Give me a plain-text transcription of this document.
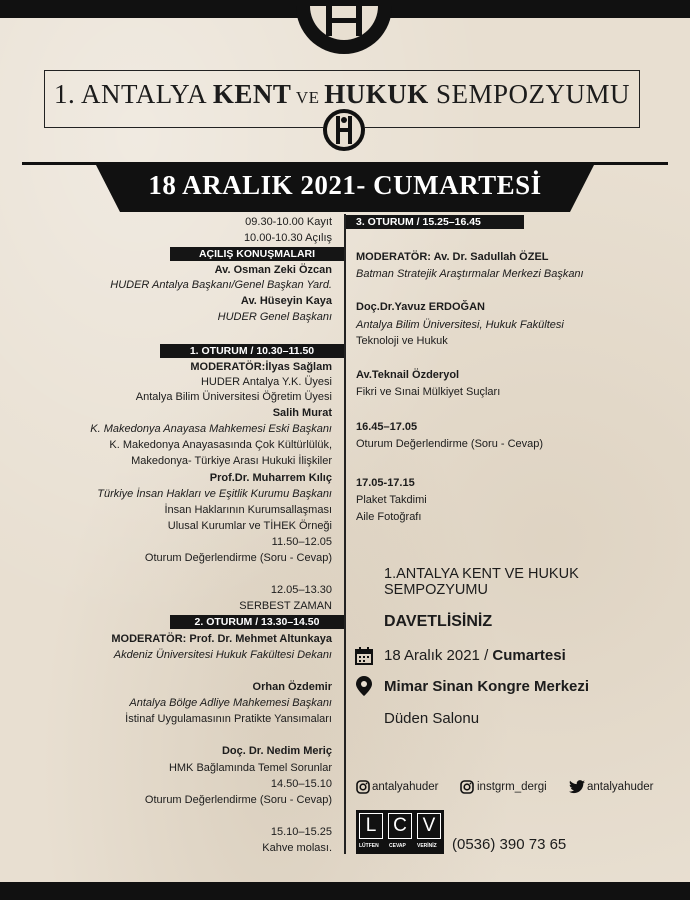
1. ANTALYA KENT VE HUKUK SEMPOZYUMU
18 ARALIK 2021- CUMARTESİ
09.30-10.00 Kayıt
10.00-10.30 Açılış
AÇILIŞ KONUŞMALARI
Av. Osman Zeki Özcan
HUDER Antalya Başkanı/Genel Başkan Yard.
Av. Hüseyin Kaya
HUDER Genel Başkanı
1. OTURUM / 10.30–11.50
MODERATÖR:İlyas Sağlam
HUDER Antalya Y.K. Üyesi
Antalya Bilim Üniversitesi Öğretim Üyesi
Salih Murat
K. Makedonya Anayasa Mahkemesi Eski Başkanı
K. Makedonya Anayasasında Çok Kültürlülük,
Makedonya- Türkiye Arası Hukuki İlişkiler
Prof.Dr. Muharrem Kılıç
Türkiye İnsan Hakları ve Eşitlik Kurumu Başkanı
İnsan Haklarının Kurumsallaşması
Ulusal Kurumlar ve TİHEK Örneği
11.50–12.05
Oturum Değerlendirme (Soru - Cevap)
12.05–13.30
SERBEST ZAMAN
2. OTURUM / 13.30–14.50
MODERATÖR: Prof. Dr. Mehmet Altunkaya
Akdeniz Üniversitesi Hukuk Fakültesi Dekanı
Orhan Özdemir
Antalya Bölge Adliye Mahkemesi Başkanı
İstinaf Uygulamasının Pratikte Yansımaları
Doç. Dr. Nedim Meriç
HMK Bağlamında Temel Sorunlar
14.50–15.10
Oturum Değerlendirme (Soru - Cevap)
15.10–15.25
Kahve molası.
3. OTURUM / 15.25–16.45
MODERATÖR: Av. Dr. Sadullah ÖZEL
Batman Stratejik Araştırmalar Merkezi Başkanı
Doç.Dr.Yavuz ERDOĞAN
Antalya Bilim Üniversitesi, Hukuk Fakültesi
Teknoloji ve Hukuk
Av.Teknail Özderyol
Fikri ve Sınai Mülkiyet Suçları
16.45–17.05
Oturum Değerlendirme (Soru - Cevap)
17.05-17.15
Plaket Takdimi
Aile Fotoğrafı
1.ANTALYA KENT VE HUKUK
SEMPOZYUMU
DAVETLİSİNİZ
18 Aralık 2021 / Cumartesi
Mimar Sinan Kongre Merkezi
Düden Salonu
antalyahuder	instgrm_dergi	antalyahuder
L C V
LÜTFEN CEVAP VERİNİZ (0536) 390 73 65
